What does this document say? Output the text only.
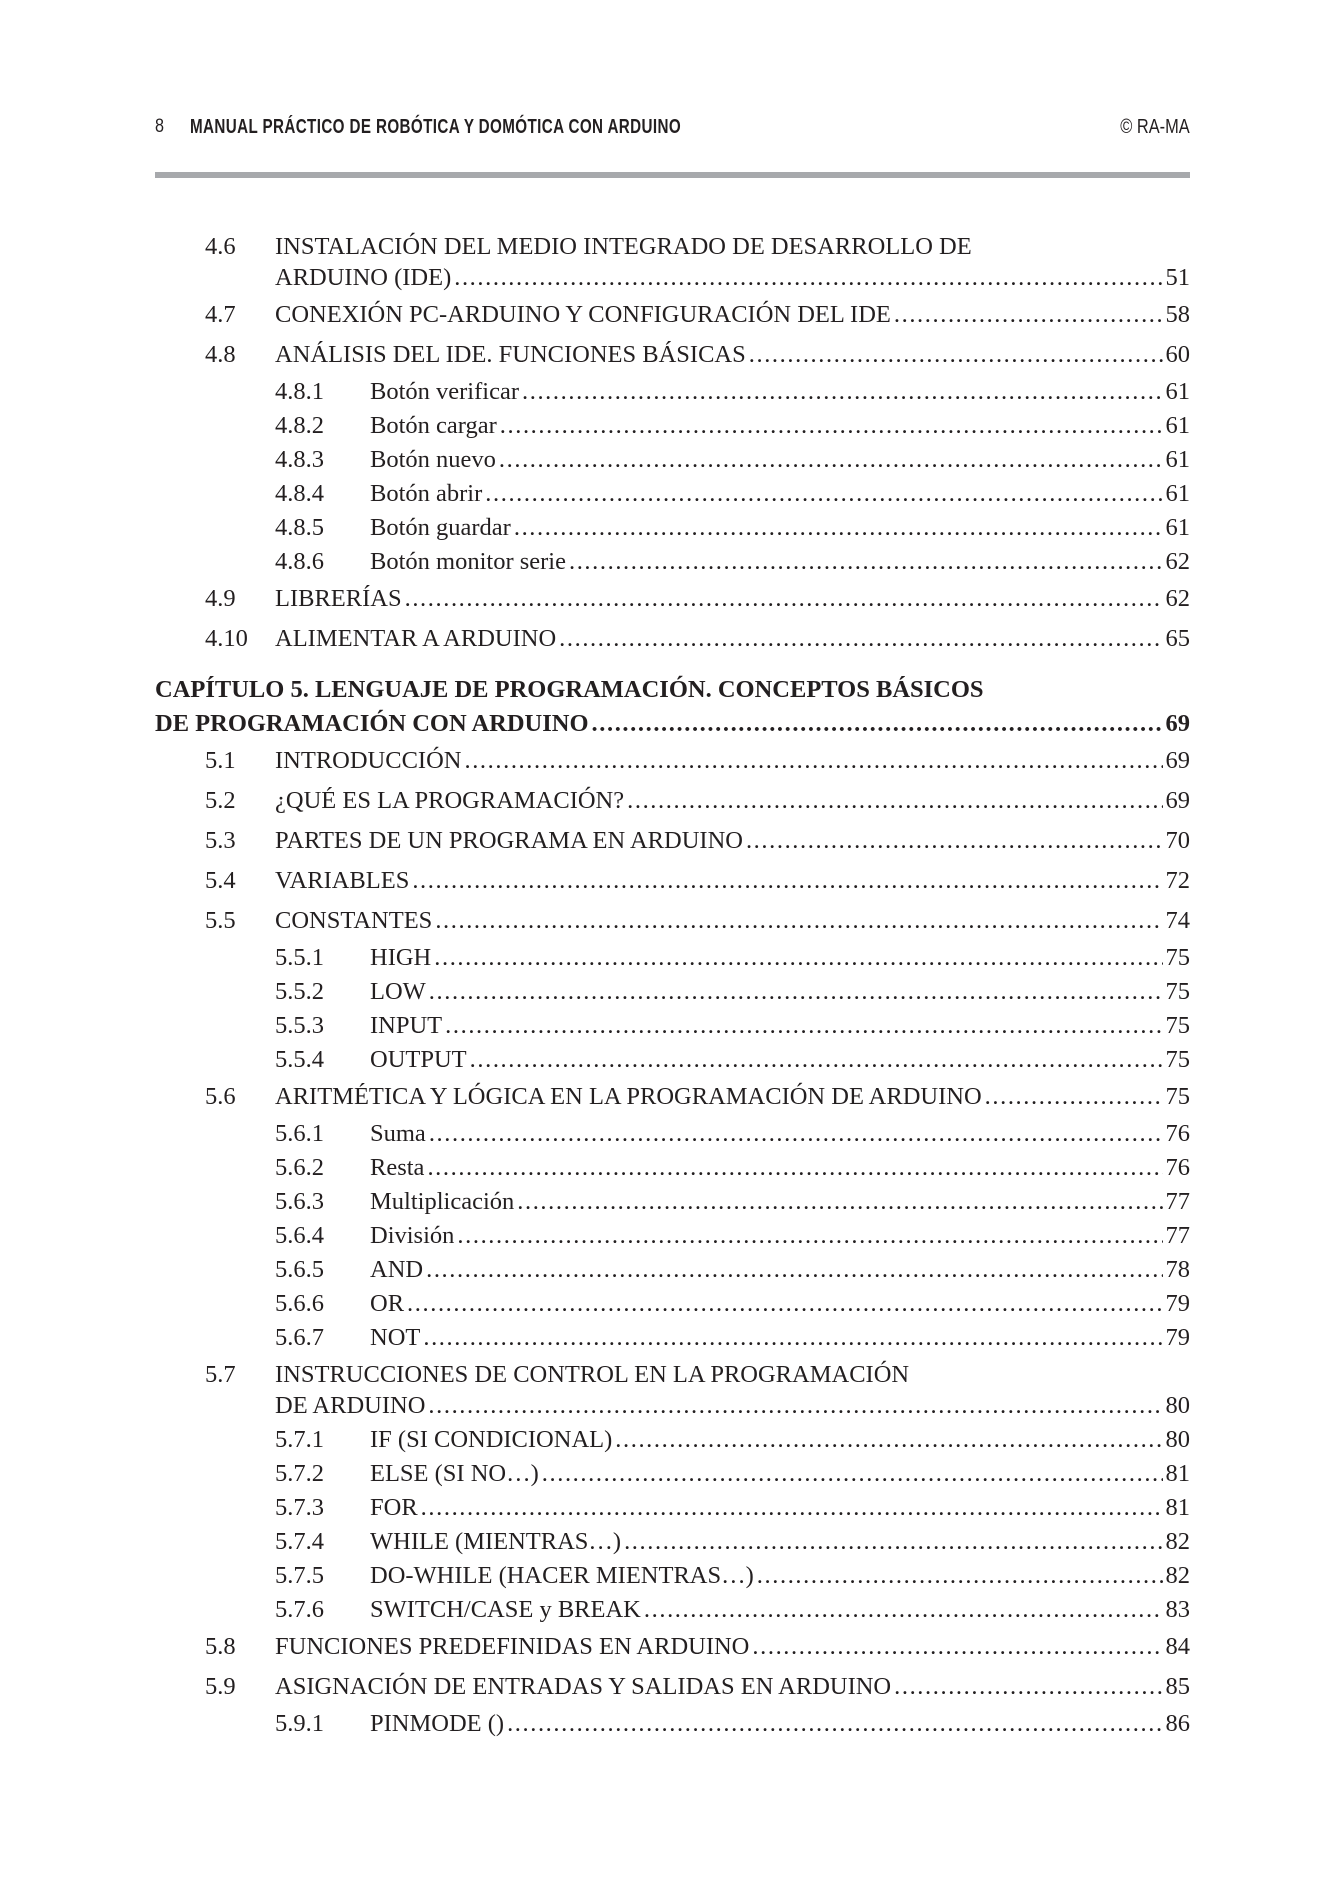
8 MANUAL PRÁCTICO DE ROBÓTICA Y DOMÓTICA CON ARDUINO	© RA-MA
4.6 INSTALACIÓN DEL MEDIO INTEGRADO DE DESARROLLO DE
ARDUINO (IDE) .....	51
4.7 CONEXIÓN PC-ARDUINO Y CONFIGURACIÓN DEL IDE .....	58
4.8 ANÁLISIS DEL IDE. FUNCIONES BÁSICAS .....	60
4.8.1 Botón verificar .....	61
4.8.2 Botón cargar .....	61
4.8.3 Botón nuevo .....	61
4.8.4 Botón abrir .....	61
4.8.5 Botón guardar .....	61
4.8.6 Botón monitor serie .....	62
4.9 LIBRERÍAS .....	62
4.10 ALIMENTAR A ARDUINO .....	65
CAPÍTULO 5. LENGUAJE DE PROGRAMACIÓN. CONCEPTOS BÁSICOS
DE PROGRAMACIÓN CON ARDUINO .....	69
5.1 INTRODUCCIÓN .....	69
5.2 ¿QUÉ ES LA PROGRAMACIÓN? .....	69
5.3 PARTES DE UN PROGRAMA EN ARDUINO .....	70
5.4 VARIABLES .....	72
5.5 CONSTANTES .....	74
5.5.1 HIGH .....	75
5.5.2 LOW .....	75
5.5.3 INPUT .....	75
5.5.4 OUTPUT .....	75
5.6 ARITMÉTICA Y LÓGICA EN LA PROGRAMACIÓN DE ARDUINO .....	75
5.6.1 Suma .....	76
5.6.2 Resta .....	76
5.6.3 Multiplicación .....	77
5.6.4 División .....	77
5.6.5 AND .....	78
5.6.6 OR .....	79
5.6.7 NOT .....	79
5.7 INSTRUCCIONES DE CONTROL EN LA PROGRAMACIÓN
DE ARDUINO .....	80
5.7.1 IF (SI CONDICIONAL) .....	80
5.7.2 ELSE (SI NO…) .....	81
5.7.3 FOR .....	81
5.7.4 WHILE (MIENTRAS…) .....	82
5.7.5 DO-WHILE (HACER MIENTRAS…) .....	82
5.7.6 SWITCH/CASE y BREAK .....	83
5.8 FUNCIONES PREDEFINIDAS EN ARDUINO .....	84
5.9 ASIGNACIÓN DE ENTRADAS Y SALIDAS EN ARDUINO .....	85
5.9.1 PINMODE () .....	86
